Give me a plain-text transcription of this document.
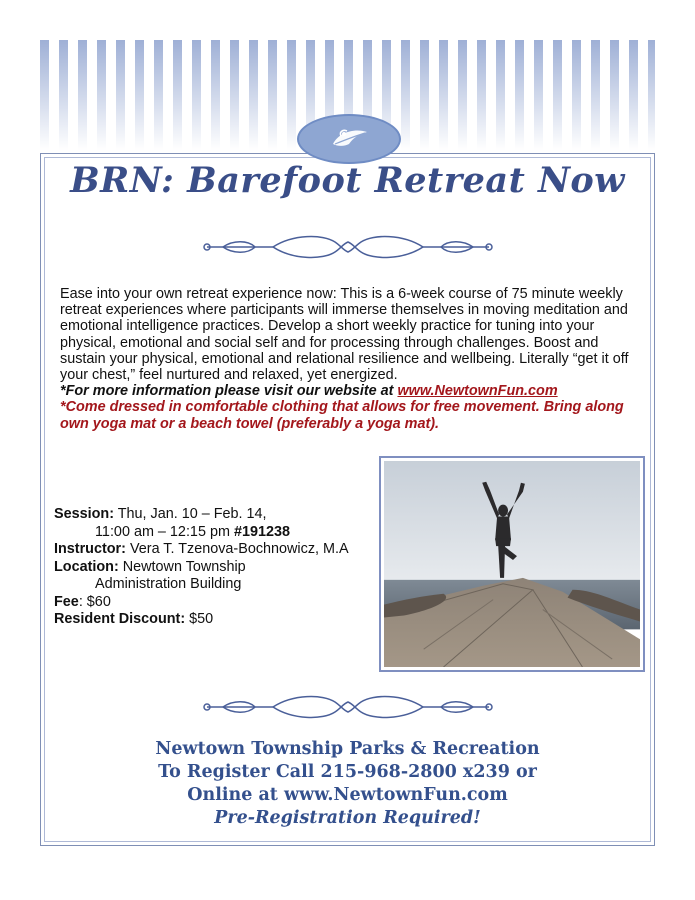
BRN: Barefoot Retreat Now
Ease into your own retreat experience now: This is a 6-week course of 75 minute weekly retreat experiences where participants will immerse themselves in moving meditation and emotional intelligence practices. Develop a short weekly practice for tuning into your physical, emotional and social self and for processing through challenges. Boost and sustain your physical, emotional and relational resilience and wellbeing. Literally “get it off your chest,” feel nurtured and relaxed, yet energized.
*For more information please visit our website at www.NewtownFun.com
*Come dressed in comfortable clothing that allows for free movement. Bring along own yoga mat or a beach towel (preferably a yoga mat).
Session: Thu, Jan. 10 – Feb. 14,
11:00 am – 12:15 pm #191238
Instructor: Vera T. Tzenova-Bochnowicz, M.A
Location: Newtown Township
Administration Building
Fee: $60
Resident Discount: $50
Newtown Township Parks & Recreation
To Register Call 215-968-2800 x239 or
Online at www.NewtownFun.com
Pre-Registration Required!
